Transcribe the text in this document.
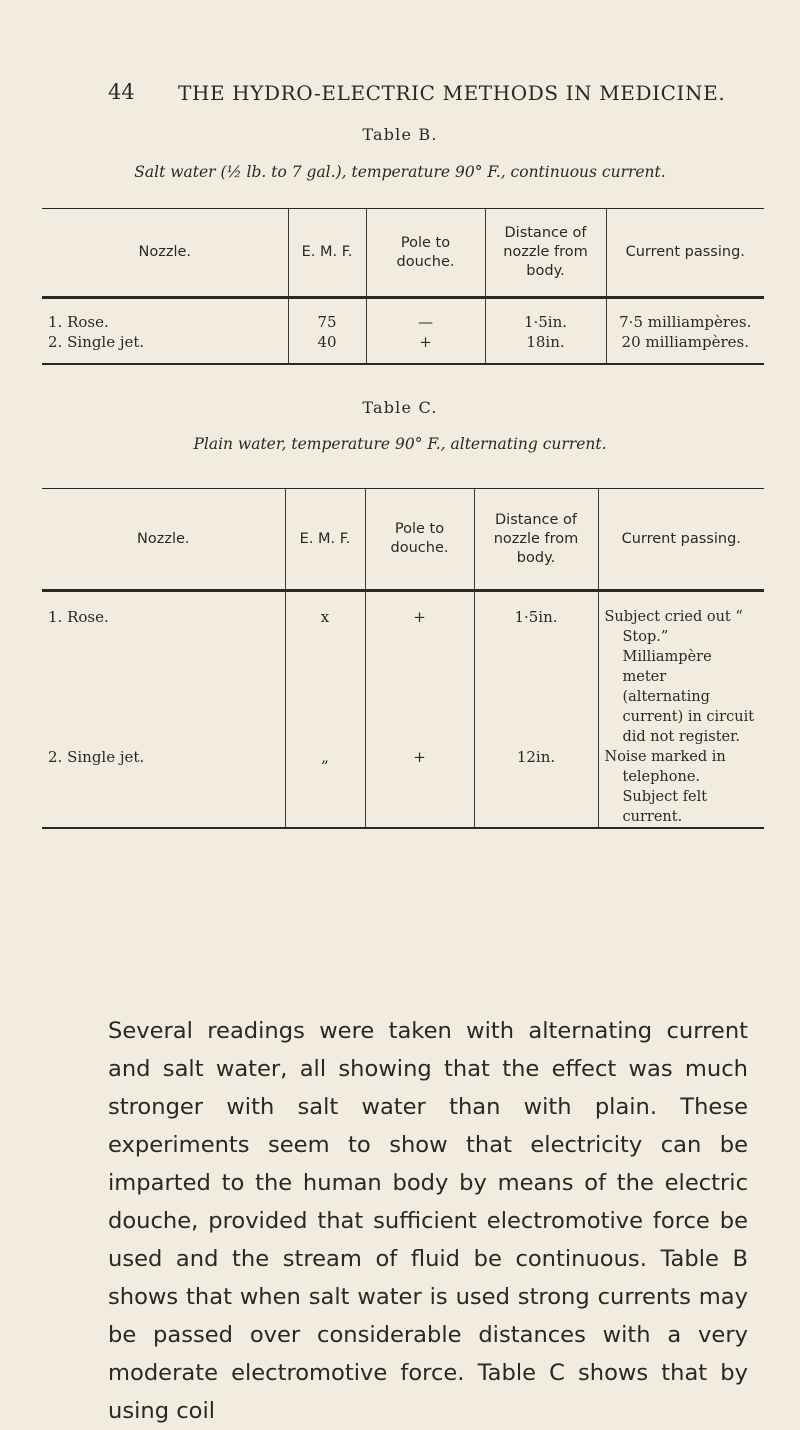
44 THE HYDRO-ELECTRIC METHODS IN MEDICINE.
Table B.
Salt water (½ lb. to 7 gal.), temperature 90° F., continuous current.
Nozzle.	E. M. F.	Pole to douche.	Distance of nozzle from body.	Current passing.

1. Rose.	75	—	1·5in.	7·5 milliampères.
2. Single jet.	40	+	18in.	20 milliampères.
Table C.
Plain water, temperature 90° F., alternating current.
Nozzle.	E. M. F.	Pole to douche.	Distance of nozzle from body.	Current passing.

1. Rose.	x	+	1·5in.	Subject cried out “ Stop.” Milliampère meter (alternating current) in circuit did not register.

2. Single jet.	„	+	12in.	Noise marked in telephone. Subject felt current.
Several readings were taken with alternating current and salt water, all showing that the effect was much stronger with salt water than with plain. These experiments seem to show that electricity can be imparted to the human body by means of the electric douche, provided that sufficient electromotive force be used and the stream of fluid be continuous. Table B shows that when salt water is used strong currents may be passed over considerable distances with a very moderate electromotive force. Table C shows that by using coil
